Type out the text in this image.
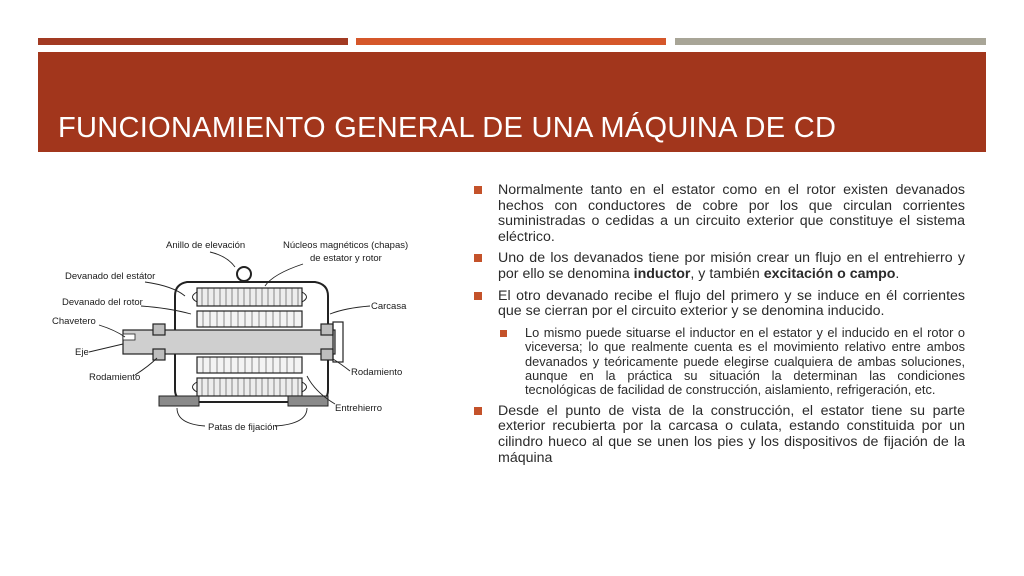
FUNCIONAMIENTO GENERAL DE UNA MÁQUINA DE CD
Anillo de elevación	Núcleos magnéticos (chapas)
de estator y rotor
Devanado del estátor
Devanado del rotor
Chavetero
Eje
Rodamiento
Carcasa
Rodamiento
Entrehierro
Patas de fijación
Normalmente tanto en el estator como en el rotor existen devanados hechos con conductores de cobre por los que circulan corrientes suministradas o cedidas a un circuito exterior que constituye el sistema eléctrico.
Uno de los devanados tiene por misión crear un flujo en el entrehierro y por ello se denomina inductor, y también excitación o campo.
El otro devanado recibe el flujo del primero y se induce en él corrientes que se cierran por el circuito exterior y se denomina inducido.
Lo mismo puede situarse el inductor en el estator y el inducido en el rotor o viceversa; lo que realmente cuenta es el movimiento relativo entre ambos devanados y teóricamente puede elegirse cualquiera de ambas soluciones, aunque en la práctica su situación la determinan las condiciones tecnológicas de facilidad de construcción, aislamiento, refrigeración, etc.
Desde el punto de vista de la construcción, el estator tiene su parte exterior recubierta por la carcasa o culata, estando constituida por un cilindro hueco al que se unen los pies y los dispositivos de fijación de la máquina
